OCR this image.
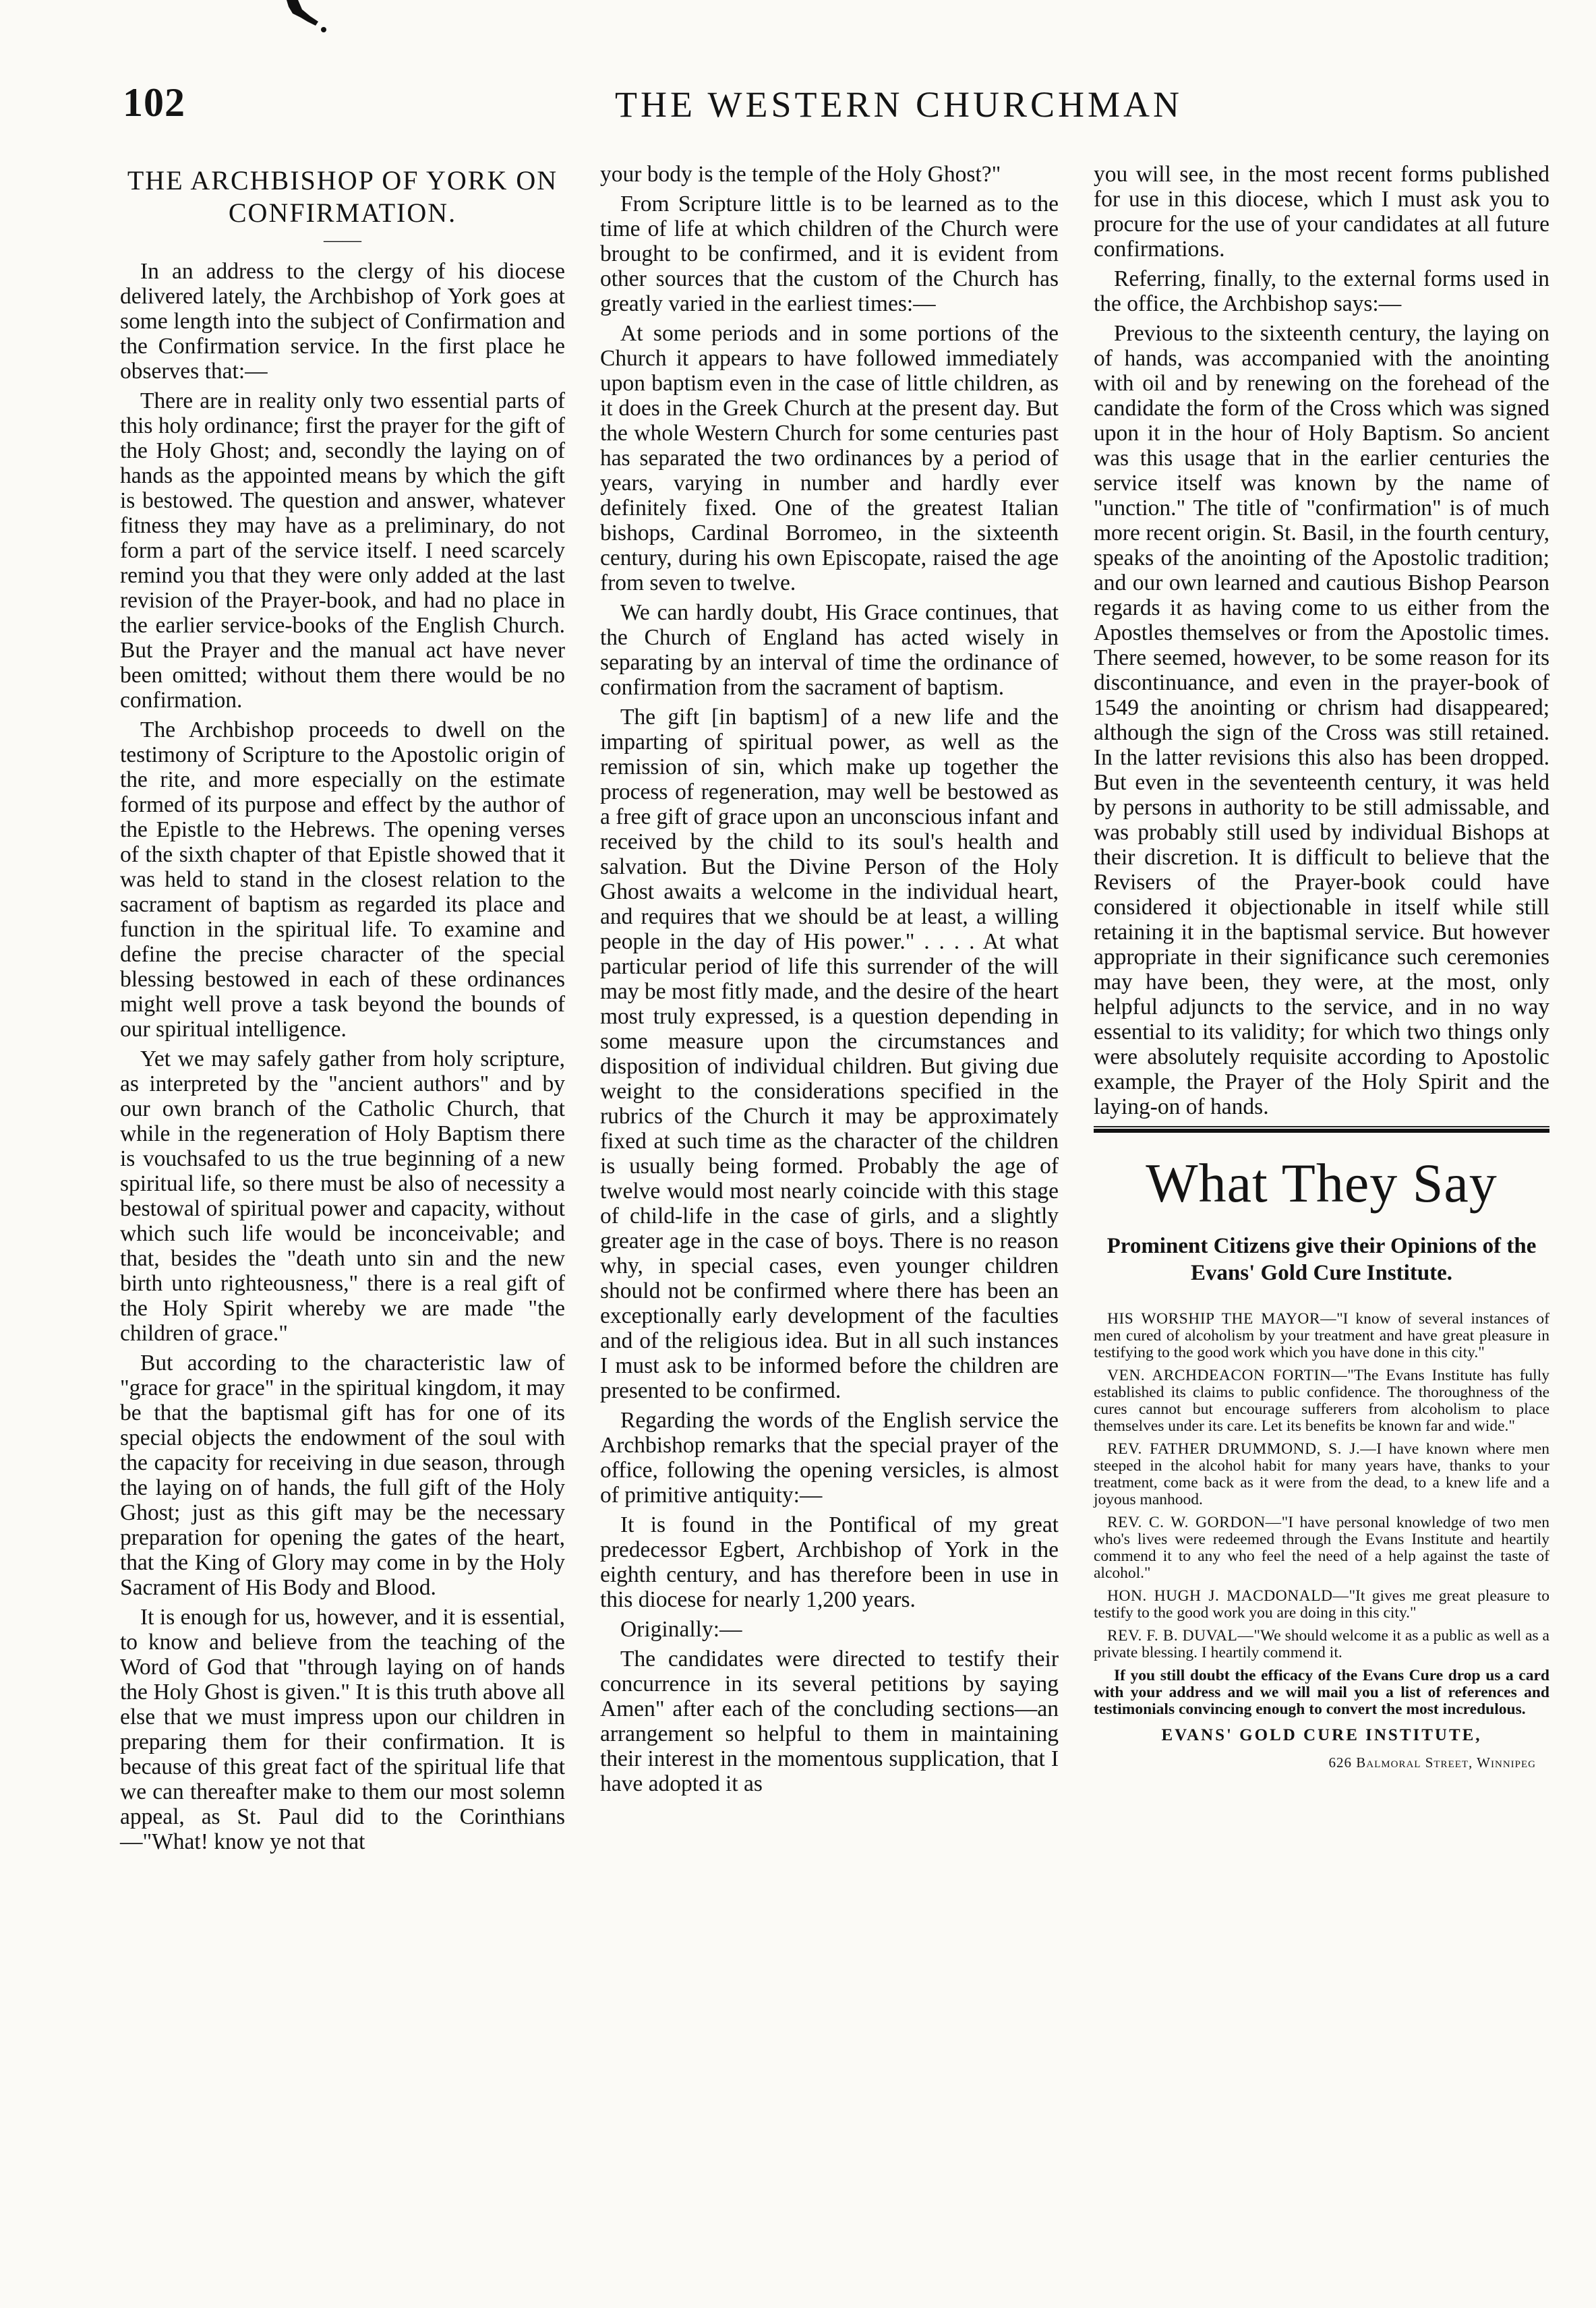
102	THE WESTERN CHURCHMAN
THE ARCHBISHOP OF YORK ON CONFIRMATION.
——

In an address to the clergy of his diocese delivered lately, the Archbishop of York goes at some length into the subject of Confirmation and the Confirmation service. In the first place he observes that:—

There are in reality only two essential parts of this holy ordinance; first the prayer for the gift of the Holy Ghost; and, secondly the laying on of hands as the appointed means by which the gift is bestowed. The question and answer, whatever fitness they may have as a preliminary, do not form a part of the service itself. I need scarcely remind you that they were only added at the last revision of the Prayer-book, and had no place in the earlier service-books of the English Church. But the Prayer and the manual act have never been omitted; without them there would be no confirmation.

The Archbishop proceeds to dwell on the testimony of Scripture to the Apostolic origin of the rite, and more especially on the estimate formed of its purpose and effect by the author of the Epistle to the Hebrews. The opening verses of the sixth chapter of that Epistle showed that it was held to stand in the closest relation to the sacrament of baptism as regarded its place and function in the spiritual life. To examine and define the precise character of the special blessing bestowed in each of these ordinances might well prove a task beyond the bounds of our spiritual intelligence.

Yet we may safely gather from holy scripture, as interpreted by the "ancient authors" and by our own branch of the Catholic Church, that while in the regeneration of Holy Baptism there is vouchsafed to us the true beginning of a new spiritual life, so there must be also of necessity a bestowal of spiritual power and capacity, without which such life would be inconceivable; and that, besides the "death unto sin and the new birth unto righteousness," there is a real gift of the Holy Spirit whereby we are made "the children of grace."

But according to the characteristic law of "grace for grace" in the spiritual kingdom, it may be that the baptismal gift has for one of its special objects the endowment of the soul with the capacity for receiving in due season, through the laying on of hands, the full gift of the Holy Ghost; just as this gift may be the necessary preparation for opening the gates of the heart, that the King of Glory may come in by the Holy Sacrament of His Body and Blood.

It is enough for us, however, and it is essential, to know and believe from the teaching of the Word of God that "through laying on of hands the Holy Ghost is given." It is this truth above all else that we must impress upon our children in preparing them for their confirmation. It is because of this great fact of the spiritual life that we can thereafter make to them our most solemn appeal, as St. Paul did to the Corinthians—"What! know ye not that

your body is the temple of the Holy Ghost?"

From Scripture little is to be learned as to the time of life at which children of the Church were brought to be confirmed, and it is evident from other sources that the custom of the Church has greatly varied in the earliest times:—

At some periods and in some portions of the Church it appears to have followed immediately upon baptism even in the case of little children, as it does in the Greek Church at the present day. But the whole Western Church for some centuries past has separated the two ordinances by a period of years, varying in number and hardly ever definitely fixed. One of the greatest Italian bishops, Cardinal Borromeo, in the sixteenth century, during his own Episcopate, raised the age from seven to twelve.

We can hardly doubt, His Grace continues, that the Church of England has acted wisely in separating by an interval of time the ordinance of confirmation from the sacrament of baptism.

The gift [in baptism] of a new life and the imparting of spiritual power, as well as the remission of sin, which make up together the process of regeneration, may well be bestowed as a free gift of grace upon an unconscious infant and received by the child to its soul's health and salvation. But the Divine Person of the Holy Ghost awaits a welcome in the individual heart, and requires that we should be at least, a willing people in the day of His power." . . . . At what particular period of life this surrender of the will may be most fitly made, and the desire of the heart most truly expressed, is a question depending in some measure upon the circumstances and disposition of individual children. But giving due weight to the considerations specified in the rubrics of the Church it may be approximately fixed at such time as the character of the children is usually being formed. Probably the age of twelve would most nearly coincide with this stage of child-life in the case of girls, and a slightly greater age in the case of boys. There is no reason why, in special cases, even younger children should not be confirmed where there has been an exceptionally early development of the faculties and of the religious idea. But in all such instances I must ask to be informed before the children are presented to be confirmed.

Regarding the words of the English service the Archbishop remarks that the special prayer of the office, following the opening versicles, is almost of primitive antiquity:—

It is found in the Pontifical of my great predecessor Egbert, Archbishop of York in the eighth century, and has therefore been in use in this diocese for nearly 1,200 years.

Originally:—

The candidates were directed to testify their concurrence in its several petitions by saying Amen" after each of the concluding sections—an arrangement so helpful to them in maintaining their interest in the momentous supplication, that I have adopted it as

you will see, in the most recent forms published for use in this diocese, which I must ask you to procure for the use of your candidates at all future confirmations.

Referring, finally, to the external forms used in the office, the Archbishop says:—

Previous to the sixteenth century, the laying on of hands, was accompanied with the anointing with oil and by renewing on the forehead of the candidate the form of the Cross which was signed upon it in the hour of Holy Baptism. So ancient was this usage that in the earlier centuries the service itself was known by the name of "unction." The title of "confirmation" is of much more recent origin. St. Basil, in the fourth century, speaks of the anointing of the Apostolic tradition; and our own learned and cautious Bishop Pearson regards it as having come to us either from the Apostles themselves or from the Apostolic times. There seemed, however, to be some reason for its discontinuance, and even in the prayer-book of 1549 the anointing or chrism had disappeared; although the sign of the Cross was still retained. In the latter revisions this also has been dropped. But even in the seventeenth century, it was held by persons in authority to be still admissable, and was probably still used by individual Bishops at their discretion. It is difficult to believe that the Revisers of the Prayer-book could have considered it objectionable in itself while still retaining it in the baptismal service. But however appropriate in their significance such ceremonies may have been, they were, at the most, only helpful adjuncts to the service, and in no way essential to its validity; for which two things only were absolutely requisite according to Apostolic example, the Prayer of the Holy Spirit and the laying-on of hands.

What They Say
Prominent Citizens give their Opinions of the Evans' Gold Cure Institute.

HIS WORSHIP THE MAYOR—"I know of several instances of men cured of alcoholism by your treatment and have great pleasure in testifying to the good work which you have done in this city."

VEN. ARCHDEACON FORTIN—"The Evans Institute has fully established its claims to public confidence. The thoroughness of the cures cannot but encourage sufferers from alcoholism to place themselves under its care. Let its benefits be known far and wide."

REV. FATHER DRUMMOND, S. J.—I have known where men steeped in the alcohol habit for many years have, thanks to your treatment, come back as it were from the dead, to a knew life and a joyous manhood.

REV. C. W. GORDON—"I have personal knowledge of two men who's lives were redeemed through the Evans Institute and heartily commend it to any who feel the need of a help against the taste of alcohol."

HON. HUGH J. MACDONALD—"It gives me great pleasure to testify to the good work you are doing in this city."

REV. F. B. DUVAL—"We should welcome it as a public as well as a private blessing. I heartily commend it.

If you still doubt the efficacy of the Evans Cure drop us a card with your address and we will mail you a list of references and testimonials convincing enough to convert the most incredulous.

EVANS' GOLD CURE INSTITUTE,
626 Balmoral Street, Winnipeg
